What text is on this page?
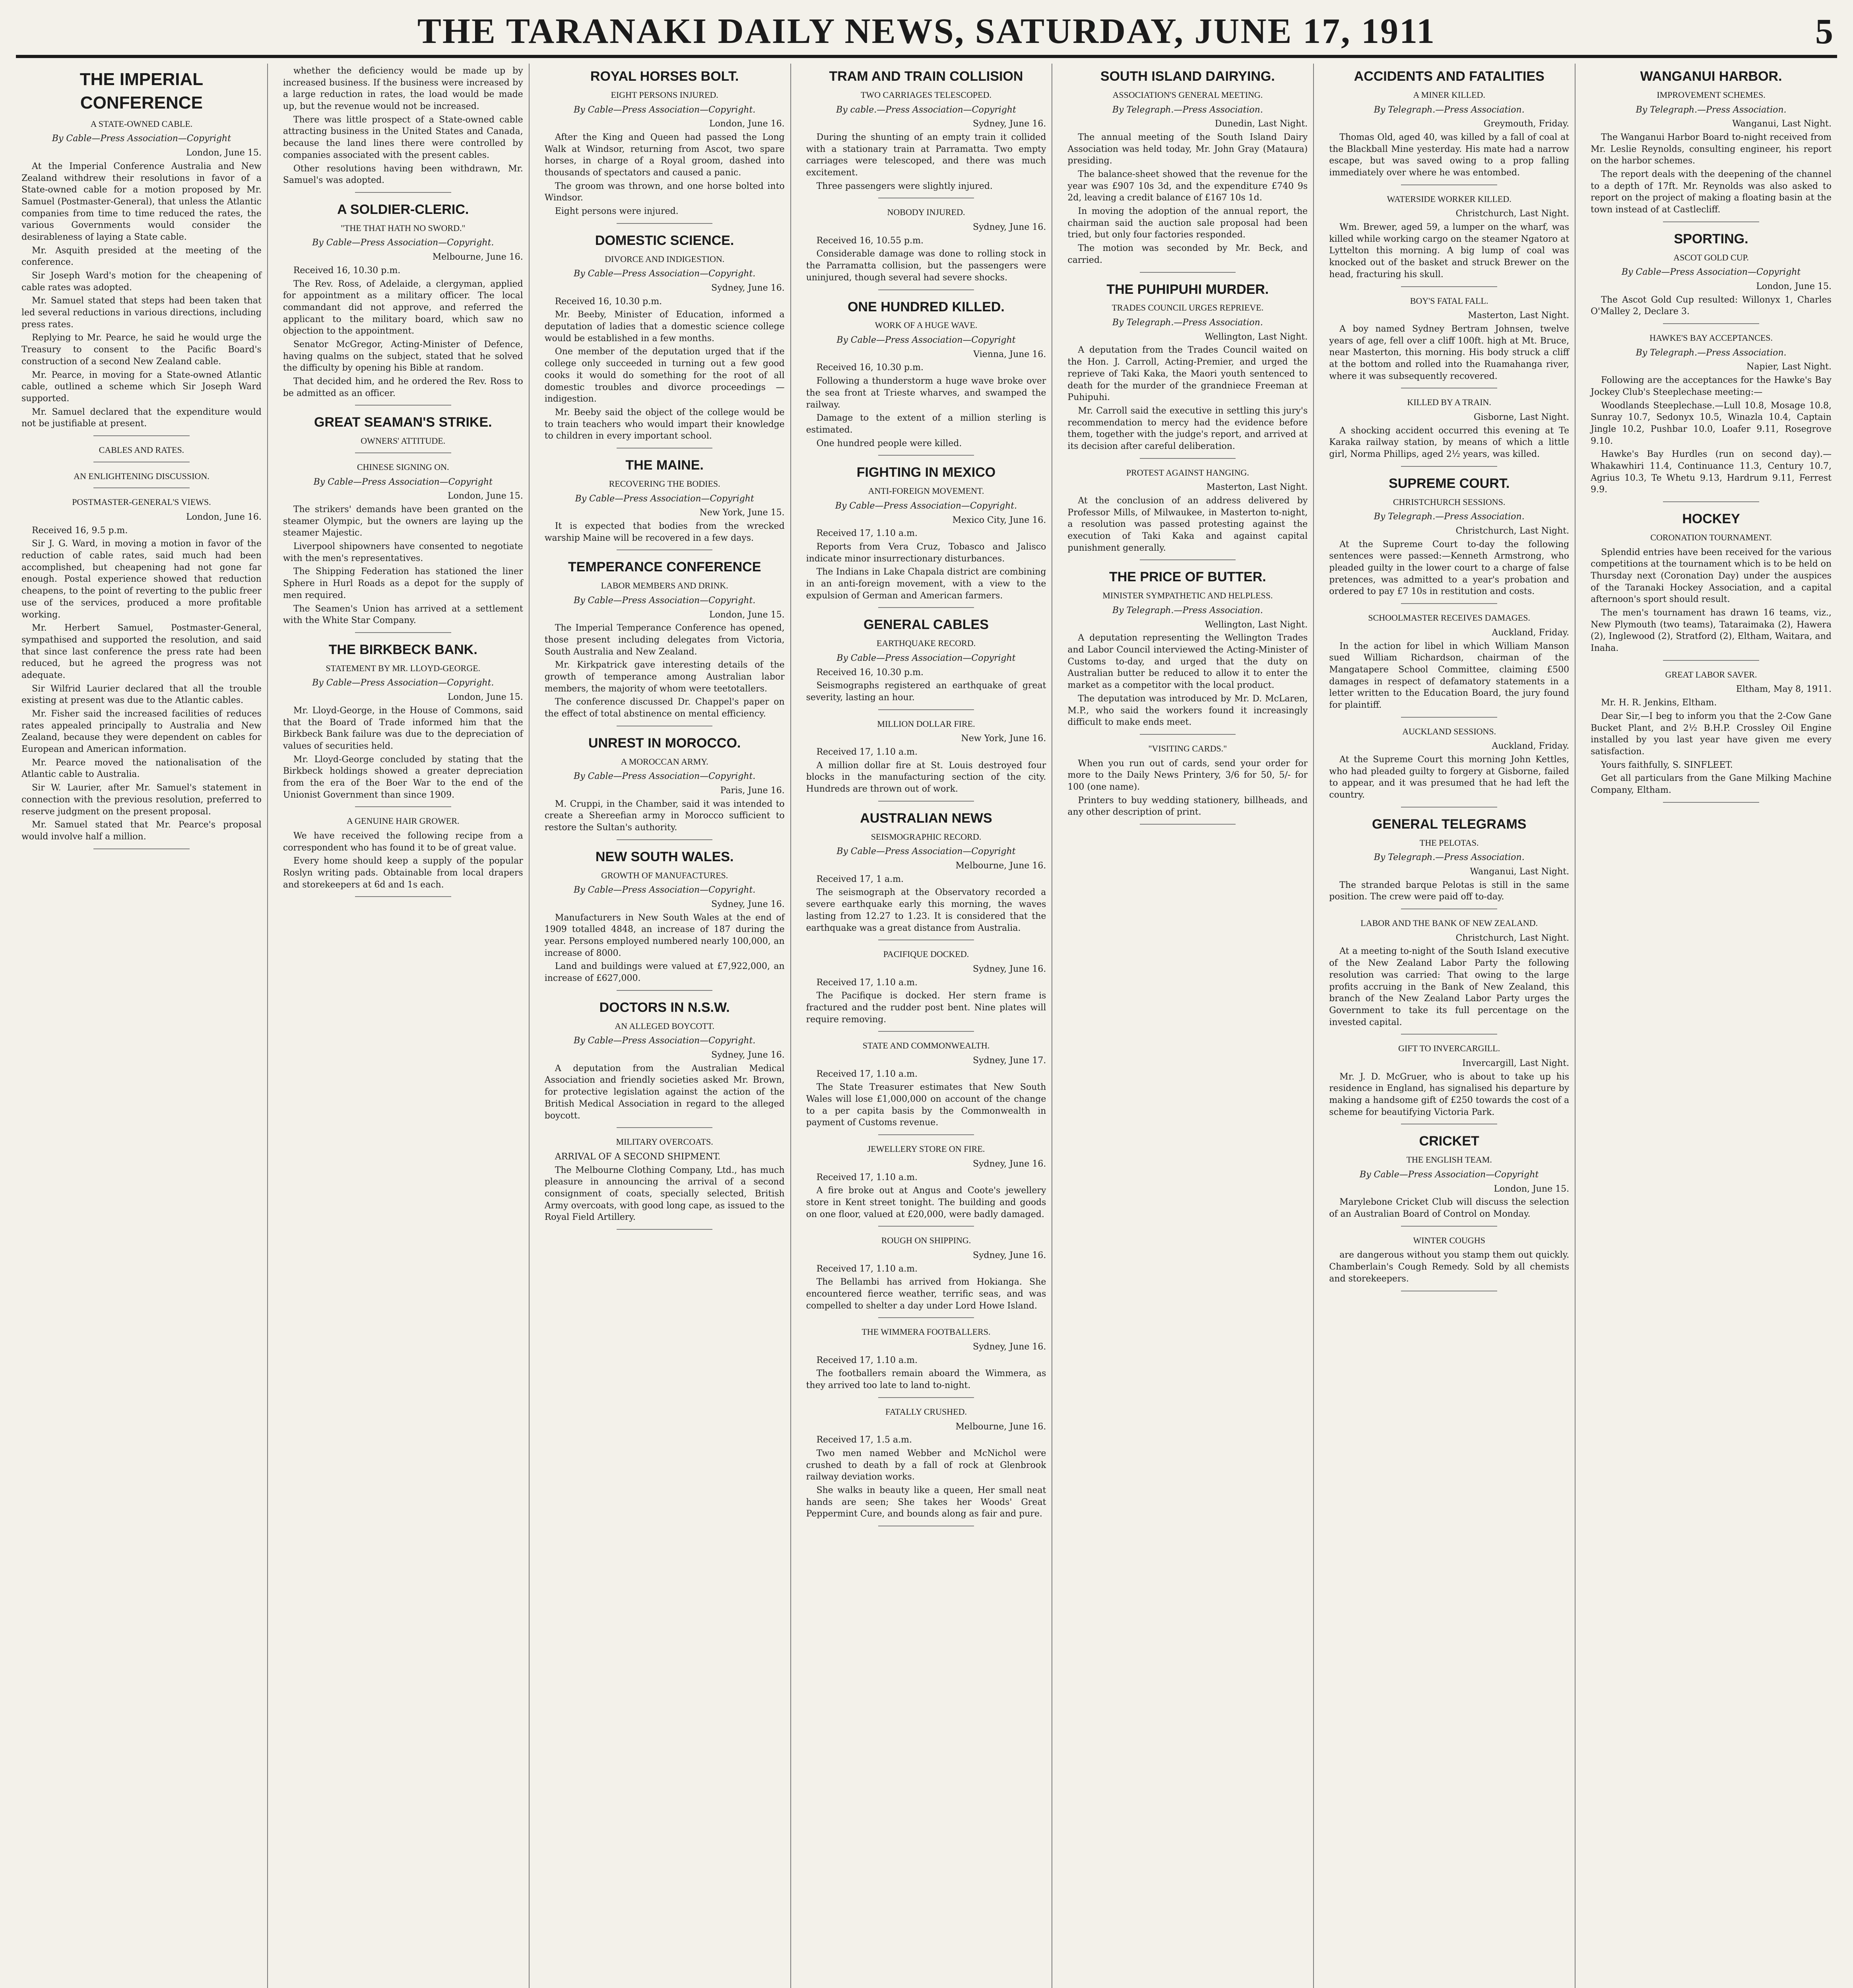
THE TARANAKI DAILY NEWS, SATURDAY, JUNE 17, 1911	5
THE IMPERIAL CONFERENCE
A STATE-OWNED CABLE.
By Cable—Press Association—Copyright
London, June 15.

At the Imperial Conference Australia and New Zealand withdrew their resolutions in favor of a State-owned cable for a motion proposed by Mr. Samuel (Postmaster-General), that unless the Atlantic companies from time to time reduced the rates, the various Governments would consider the desirableness of laying a State cable.

Mr. Asquith presided at the meeting of the conference.

Sir Joseph Ward's motion for the cheapening of cable rates was adopted.

Mr. Samuel stated that steps had been taken that led several reductions in various directions, including press rates.

Replying to Mr. Pearce, he said he would urge the Treasury to consent to the Pacific Board's construction of a second New Zealand cable.

Mr. Pearce, in moving for a State-owned Atlantic cable, outlined a scheme which Sir Joseph Ward supported.

Mr. Samuel declared that the expenditure would not be justifiable at present.

CABLES AND RATES.
AN ENLIGHTENING DISCUSSION.
POSTMASTER-GENERAL'S VIEWS.
London, June 16.

Received 16, 9.5 p.m.

Sir J. G. Ward, in moving a motion in favor of the reduction of cable rates, said much had been accomplished, but cheapening had not gone far enough. Postal experience showed that reduction cheapens, to the point of reverting to the public freer use of the services, produced a more profitable working.

Mr. Herbert Samuel, Postmaster-General, sympathised and supported the resolution, and said that since last conference the press rate had been reduced, but he agreed the progress was not adequate.

Sir Wilfrid Laurier declared that all the trouble existing at present was due to the Atlantic cables.

Mr. Fisher said the increased facilities of reduces rates appealed principally to Australia and New Zealand, because they were dependent on cables for European and American information.

Mr. Pearce moved the nationalisation of the Atlantic cable to Australia.

Sir W. Laurier, after Mr. Samuel's statement in connection with the previous resolution, preferred to reserve judgment on the present proposal.

Mr. Samuel stated that Mr. Pearce's proposal would involve half a million.

whether the deficiency would be made up by increased business. If the business were increased by a large reduction in rates, the load would be made up, but the revenue would not be increased.

There was little prospect of a State-owned cable attracting business in the United States and Canada, because the land lines there were controlled by companies associated with the present cables.

Other resolutions having been withdrawn, Mr. Samuel's was adopted.

A SOLDIER-CLERIC.
"THE THAT HATH NO SWORD."
By Cable—Press Association—Copyright.
Melbourne, June 16.

Received 16, 10.30 p.m.

The Rev. Ross, of Adelaide, a clergyman, applied for appointment as a military officer. The local commandant did not approve, and referred the applicant to the military board, which saw no objection to the appointment.

Senator McGregor, Acting-Minister of Defence, having qualms on the subject, stated that he solved the difficulty by opening his Bible at random.

That decided him, and he ordered the Rev. Ross to be admitted as an officer.

GREAT SEAMAN'S STRIKE.
OWNERS' ATTITUDE.
CHINESE SIGNING ON.
By Cable—Press Association—Copyright
London, June 15.

The strikers' demands have been granted on the steamer Olympic, but the owners are laying up the steamer Majestic.

Liverpool shipowners have consented to negotiate with the men's representatives.

The Shipping Federation has stationed the liner Sphere in Hurl Roads as a depot for the supply of men required.

The Seamen's Union has arrived at a settlement with the White Star Company.

THE BIRKBECK BANK.
STATEMENT BY MR. LLOYD-GEORGE.
By Cable—Press Association—Copyright.
London, June 15.

Mr. Lloyd-George, in the House of Commons, said that the Board of Trade informed him that the Birkbeck Bank failure was due to the depreciation of values of securities held.

Mr. Lloyd-George concluded by stating that the Birkbeck holdings showed a greater depreciation from the era of the Boer War to the end of the Unionist Government than since 1909.

A GENUINE HAIR GROWER.

We have received the following recipe from a correspondent who has found it to be of great value.

Every home should keep a supply of the popular Roslyn writing pads. Obtainable from local drapers and storekeepers at 6d and 1s each.

ROYAL HORSES BOLT.
EIGHT PERSONS INJURED.
By Cable—Press Association—Copyright.
London, June 16.

After the King and Queen had passed the Long Walk at Windsor, returning from Ascot, two spare horses, in charge of a Royal groom, dashed into thousands of spectators and caused a panic.

The groom was thrown, and one horse bolted into Windsor.

Eight persons were injured.

DOMESTIC SCIENCE.
DIVORCE AND INDIGESTION.
By Cable—Press Association—Copyright.
Sydney, June 16.

Received 16, 10.30 p.m.

Mr. Beeby, Minister of Education, informed a deputation of ladies that a domestic science college would be established in a few months.

One member of the deputation urged that if the college only succeeded in turning out a few good cooks it would do something for the root of all domestic troubles and divorce proceedings — indigestion.

Mr. Beeby said the object of the college would be to train teachers who would impart their knowledge to children in every important school.

THE MAINE.
RECOVERING THE BODIES.
By Cable—Press Association—Copyright
New York, June 15.

It is expected that bodies from the wrecked warship Maine will be recovered in a few days.

TEMPERANCE CONFERENCE
LABOR MEMBERS AND DRINK.
By Cable—Press Association—Copyright.
London, June 15.

The Imperial Temperance Conference has opened, those present including delegates from Victoria, South Australia and New Zealand.

Mr. Kirkpatrick gave interesting details of the growth of temperance among Australian labor members, the majority of whom were teetotallers.

The conference discussed Dr. Chappel's paper on the effect of total abstinence on mental efficiency.

UNREST IN MOROCCO.
A MOROCCAN ARMY.
By Cable—Press Association—Copyright.
Paris, June 16.

M. Cruppi, in the Chamber, said it was intended to create a Shereefian army in Morocco sufficient to restore the Sultan's authority.

NEW SOUTH WALES.
GROWTH OF MANUFACTURES.
By Cable—Press Association—Copyright.
Sydney, June 16.

Manufacturers in New South Wales at the end of 1909 totalled 4848, an increase of 187 during the year. Persons employed numbered nearly 100,000, an increase of 8000.

Land and buildings were valued at £7,922,000, an increase of £627,000.

DOCTORS IN N.S.W.
AN ALLEGED BOYCOTT.
By Cable—Press Association—Copyright.
Sydney, June 16.

A deputation from the Australian Medical Association and friendly societies asked Mr. Brown, for protective legislation against the action of the British Medical Association in regard to the alleged boycott.

MILITARY OVERCOATS.

ARRIVAL OF A SECOND SHIPMENT.

The Melbourne Clothing Company, Ltd., has much pleasure in announcing the arrival of a second consignment of coats, specially selected, British Army overcoats, with good long cape, as issued to the Royal Field Artillery.

TRAM AND TRAIN COLLISION
TWO CARRIAGES TELESCOPED.
By cable.—Press Association—Copyright
Sydney, June 16.

During the shunting of an empty train it collided with a stationary train at Parramatta. Two empty carriages were telescoped, and there was much excitement.

Three passengers were slightly injured.

NOBODY INJURED.
Sydney, June 16.

Received 16, 10.55 p.m.

Considerable damage was done to rolling stock in the Parramatta collision, but the passengers were uninjured, though several had severe shocks.

ONE HUNDRED KILLED.
WORK OF A HUGE WAVE.
By Cable—Press Association—Copyright
Vienna, June 16.

Received 16, 10.30 p.m.

Following a thunderstorm a huge wave broke over the sea front at Trieste wharves, and swamped the railway.

Damage to the extent of a million sterling is estimated.

One hundred people were killed.

FIGHTING IN MEXICO
ANTI-FOREIGN MOVEMENT.
By Cable—Press Association—Copyright.
Mexico City, June 16.

Received 17, 1.10 a.m.

Reports from Vera Cruz, Tobasco and Jalisco indicate minor insurrectionary disturbances.

The Indians in Lake Chapala district are combining in an anti-foreign movement, with a view to the expulsion of German and American farmers.

GENERAL CABLES
EARTHQUAKE RECORD.
By Cable—Press Association—Copyright

Received 16, 10.30 p.m.

Seismographs registered an earthquake of great severity, lasting an hour.

MILLION DOLLAR FIRE.
New York, June 16.

Received 17, 1.10 a.m.

A million dollar fire at St. Louis destroyed four blocks in the manufacturing section of the city. Hundreds are thrown out of work.

AUSTRALIAN NEWS
SEISMOGRAPHIC RECORD.
By Cable—Press Association—Copyright
Melbourne, June 16.

Received 17, 1 a.m.

The seismograph at the Observatory recorded a severe earthquake early this morning, the waves lasting from 12.27 to 1.23. It is considered that the earthquake was a great distance from Australia.

PACIFIQUE DOCKED.
Sydney, June 16.

Received 17, 1.10 a.m.

The Pacifique is docked. Her stern frame is fractured and the rudder post bent. Nine plates will require removing.

STATE AND COMMONWEALTH.
Sydney, June 17.

Received 17, 1.10 a.m.

The State Treasurer estimates that New South Wales will lose £1,000,000 on account of the change to a per capita basis by the Commonwealth in payment of Customs revenue.

JEWELLERY STORE ON FIRE.
Sydney, June 16.

Received 17, 1.10 a.m.

A fire broke out at Angus and Coote's jewellery store in Kent street tonight. The building and goods on one floor, valued at £20,000, were badly damaged.

ROUGH ON SHIPPING.
Sydney, June 16.

Received 17, 1.10 a.m.

The Bellambi has arrived from Hokianga. She encountered fierce weather, terrific seas, and was compelled to shelter a day under Lord Howe Island.

THE WIMMERA FOOTBALLERS.
Sydney, June 16.

Received 17, 1.10 a.m.

The footballers remain aboard the Wimmera, as they arrived too late to land to-night.

FATALLY CRUSHED.
Melbourne, June 16.

Received 17, 1.5 a.m.

Two men named Webber and McNichol were crushed to death by a fall of rock at Glenbrook railway deviation works.

She walks in beauty like a queen, Her small neat hands are seen; She takes her Woods' Great Peppermint Cure, and bounds along as fair and pure.

SOUTH ISLAND DAIRYING.
ASSOCIATION'S GENERAL MEETING.
By Telegraph.—Press Association.
Dunedin, Last Night.

The annual meeting of the South Island Dairy Association was held today, Mr. John Gray (Mataura) presiding.

The balance-sheet showed that the revenue for the year was £907 10s 3d, and the expenditure £740 9s 2d, leaving a credit balance of £167 10s 1d.

In moving the adoption of the annual report, the chairman said the auction sale proposal had been tried, but only four factories responded.

The motion was seconded by Mr. Beck, and carried.

THE PUHIPUHI MURDER.
TRADES COUNCIL URGES REPRIEVE.
By Telegraph.—Press Association.
Wellington, Last Night.

A deputation from the Trades Council waited on the Hon. J. Carroll, Acting-Premier, and urged the reprieve of Taki Kaka, the Maori youth sentenced to death for the murder of the grandniece Freeman at Puhipuhi.

Mr. Carroll said the executive in settling this jury's recommendation to mercy had the evidence before them, together with the judge's report, and arrived at its decision after careful deliberation.

PROTEST AGAINST HANGING.
Masterton, Last Night.

At the conclusion of an address delivered by Professor Mills, of Milwaukee, in Masterton to-night, a resolution was passed protesting against the execution of Taki Kaka and against capital punishment generally.

THE PRICE OF BUTTER.
MINISTER SYMPATHETIC AND HELPLESS.
By Telegraph.—Press Association.
Wellington, Last Night.

A deputation representing the Wellington Trades and Labor Council interviewed the Acting-Minister of Customs to-day, and urged that the duty on Australian butter be reduced to allow it to enter the market as a competitor with the local product.

The deputation was introduced by Mr. D. McLaren, M.P., who said the workers found it increasingly difficult to make ends meet.

"VISITING CARDS."

When you run out of cards, send your order for more to the Daily News Printery, 3/6 for 50, 5/- for 100 (one name).

Printers to buy wedding stationery, billheads, and any other description of print.

ACCIDENTS AND FATALITIES
A MINER KILLED.
By Telegraph.—Press Association.
Greymouth, Friday.

Thomas Old, aged 40, was killed by a fall of coal at the Blackball Mine yesterday. His mate had a narrow escape, but was saved owing to a prop falling immediately over where he was entombed.

WATERSIDE WORKER KILLED.
Christchurch, Last Night.

Wm. Brewer, aged 59, a lumper on the wharf, was killed while working cargo on the steamer Ngatoro at Lyttelton this morning. A big lump of coal was knocked out of the basket and struck Brewer on the head, fracturing his skull.

BOY'S FATAL FALL.
Masterton, Last Night.

A boy named Sydney Bertram Johnsen, twelve years of age, fell over a cliff 100ft. high at Mt. Bruce, near Masterton, this morning. His body struck a cliff at the bottom and rolled into the Ruamahanga river, where it was subsequently recovered.

KILLED BY A TRAIN.
Gisborne, Last Night.

A shocking accident occurred this evening at Te Karaka railway station, by means of which a little girl, Norma Phillips, aged 2½ years, was killed.

SUPREME COURT.
CHRISTCHURCH SESSIONS.
By Telegraph.—Press Association.
Christchurch, Last Night.

At the Supreme Court to-day the following sentences were passed:—Kenneth Armstrong, who pleaded guilty in the lower court to a charge of false pretences, was admitted to a year's probation and ordered to pay £7 10s in restitution and costs.

SCHOOLMASTER RECEIVES DAMAGES.
Auckland, Friday.

In the action for libel in which William Manson sued William Richardson, chairman of the Mangatapere School Committee, claiming £500 damages in respect of defamatory statements in a letter written to the Education Board, the jury found for plaintiff.

AUCKLAND SESSIONS.
Auckland, Friday.

At the Supreme Court this morning John Kettles, who had pleaded guilty to forgery at Gisborne, failed to appear, and it was presumed that he had left the country.

GENERAL TELEGRAMS
THE PELOTAS.
By Telegraph.—Press Association.
Wanganui, Last Night.

The stranded barque Pelotas is still in the same position. The crew were paid off to-day.

LABOR AND THE BANK OF NEW ZEALAND.
Christchurch, Last Night.

At a meeting to-night of the South Island executive of the New Zealand Labor Party the following resolution was carried: That owing to the large profits accruing in the Bank of New Zealand, this branch of the New Zealand Labor Party urges the Government to take its full percentage on the invested capital.

GIFT TO INVERCARGILL.
Invercargill, Last Night.

Mr. J. D. McGruer, who is about to take up his residence in England, has signalised his departure by making a handsome gift of £250 towards the cost of a scheme for beautifying Victoria Park.

CRICKET
THE ENGLISH TEAM.
By Cable—Press Association—Copyright
London, June 15.

Marylebone Cricket Club will discuss the selection of an Australian Board of Control on Monday.

WINTER COUGHS

are dangerous without you stamp them out quickly. Chamberlain's Cough Remedy. Sold by all chemists and storekeepers.

WANGANUI HARBOR.
IMPROVEMENT SCHEMES.
By Telegraph.—Press Association.
Wanganui, Last Night.

The Wanganui Harbor Board to-night received from Mr. Leslie Reynolds, consulting engineer, his report on the harbor schemes.

The report deals with the deepening of the channel to a depth of 17ft. Mr. Reynolds was also asked to report on the project of making a floating basin at the town instead of at Castlecliff.

SPORTING.
ASCOT GOLD CUP.
By Cable—Press Association—Copyright
London, June 15.

The Ascot Gold Cup resulted: Willonyx 1, Charles O'Malley 2, Declare 3.

HAWKE'S BAY ACCEPTANCES.
By Telegraph.—Press Association.
Napier, Last Night.

Following are the acceptances for the Hawke's Bay Jockey Club's Steeplechase meeting:—

Woodlands Steeplechase.—Lull 10.8, Mosage 10.8, Sunray 10.7, Sedonyx 10.5, Winazla 10.4, Captain Jingle 10.2, Pushbar 10.0, Loafer 9.11, Rosegrove 9.10.

Hawke's Bay Hurdles (run on second day).—Whakawhiri 11.4, Continuance 11.3, Century 10.7, Agrius 10.3, Te Whetu 9.13, Hardrum 9.11, Ferrest 9.9.

HOCKEY
CORONATION TOURNAMENT.

Splendid entries have been received for the various competitions at the tournament which is to be held on Thursday next (Coronation Day) under the auspices of the Taranaki Hockey Association, and a capital afternoon's sport should result.

The men's tournament has drawn 16 teams, viz., New Plymouth (two teams), Tataraimaka (2), Hawera (2), Inglewood (2), Stratford (2), Eltham, Waitara, and Inaha.

GREAT LABOR SAVER.
Eltham, May 8, 1911.

Mr. H. R. Jenkins, Eltham.

Dear Sir,—I beg to inform you that the 2-Cow Gane Bucket Plant, and 2½ B.H.P. Crossley Oil Engine installed by you last year have given me every satisfaction.

Yours faithfully, S. SINFLEET.

Get all particulars from the Gane Milking Machine Company, Eltham.
